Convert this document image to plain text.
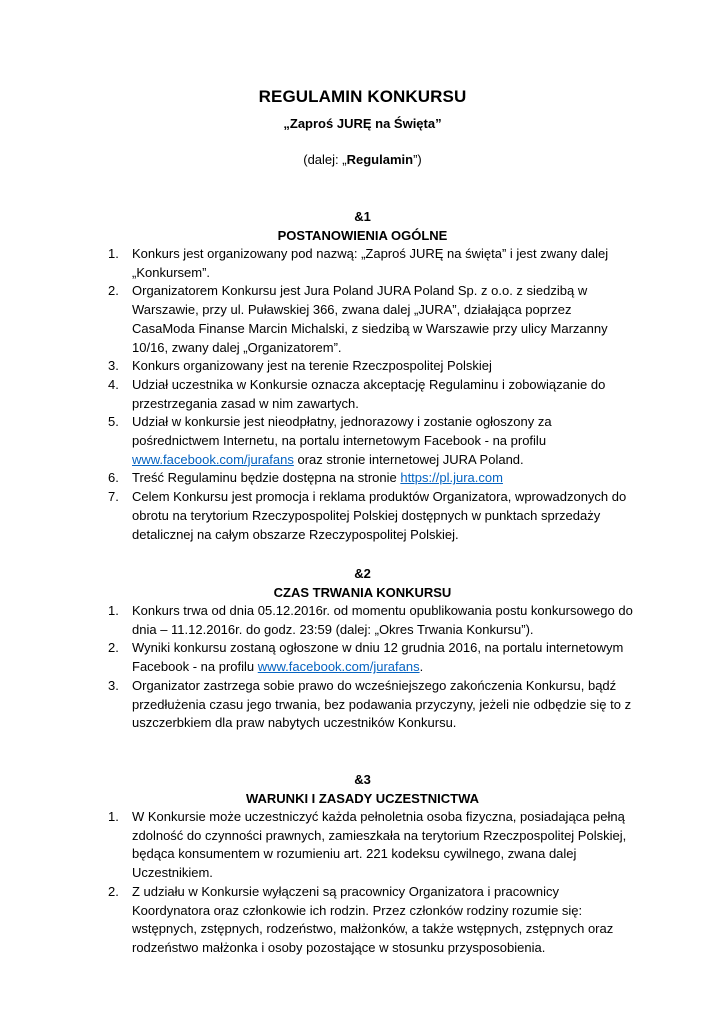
REGULAMIN KONKURSU
„Zaproś JURĘ na Święta”
(dalej: „Regulamin”)
&1
POSTANOWIENIA OGÓLNE
1. Konkurs jest organizowany pod nazwą: „Zaproś JURĘ na święta” i jest zwany dalej „Konkursem”.
2. Organizatorem Konkursu jest Jura Poland JURA Poland Sp. z o.o. z siedzibą w Warszawie, przy ul. Puławskiej 366, zwana dalej „JURA”, działająca poprzez CasaModa Finanse Marcin Michalski, z siedzibą w Warszawie przy ulicy Marzanny 10/16, zwany dalej „Organizatorem”.
3. Konkurs organizowany jest na terenie Rzeczpospolitej Polskiej
4. Udział uczestnika w Konkursie oznacza akceptację Regulaminu i zobowiązanie do przestrzegania zasad w nim zawartych.
5. Udział w konkursie jest nieodpłatny, jednorazowy i zostanie ogłoszony za pośrednictwem Internetu, na portalu internetowym Facebook - na profilu www.facebook.com/jurafans oraz stronie internetowej JURA Poland.
6. Treść Regulaminu będzie dostępna na stronie https://pl.jura.com
7. Celem Konkursu jest promocja i reklama produktów Organizatora, wprowadzonych do obrotu na terytorium Rzeczypospolitej Polskiej dostępnych w punktach sprzedaży detalicznej na całym obszarze Rzeczypospolitej Polskiej.
&2
CZAS TRWANIA KONKURSU
1. Konkurs trwa od dnia 05.12.2016r. od momentu opublikowania postu konkursowego do dnia – 11.12.2016r. do godz. 23:59 (dalej: „Okres Trwania Konkursu”).
2. Wyniki konkursu zostaną ogłoszone w dniu 12 grudnia 2016, na portalu internetowym Facebook - na profilu www.facebook.com/jurafans.
3. Organizator zastrzega sobie prawo do wcześniejszego zakończenia Konkursu, bądź przedłużenia czasu jego trwania, bez podawania przyczyny, jeżeli nie odbędzie się to z uszczerbkiem dla praw nabytych uczestników Konkursu.
&3
WARUNKI I ZASADY UCZESTNICTWA
1. W Konkursie może uczestniczyć każda pełnoletnia osoba fizyczna, posiadająca pełną zdolność do czynności prawnych, zamieszkała na terytorium Rzeczpospolitej Polskiej, będąca konsumentem w rozumieniu art. 221 kodeksu cywilnego, zwana dalej Uczestnikiem.
2. Z udziału w Konkursie wyłączeni są pracownicy Organizatora i pracownicy Koordynatora oraz członkowie ich rodzin. Przez członków rodziny rozumie się: wstępnych, zstępnych, rodzeństwo, małżonków, a także wstępnych, zstępnych oraz rodzeństwo małżonka i osoby pozostające w stosunku przysposobienia.
